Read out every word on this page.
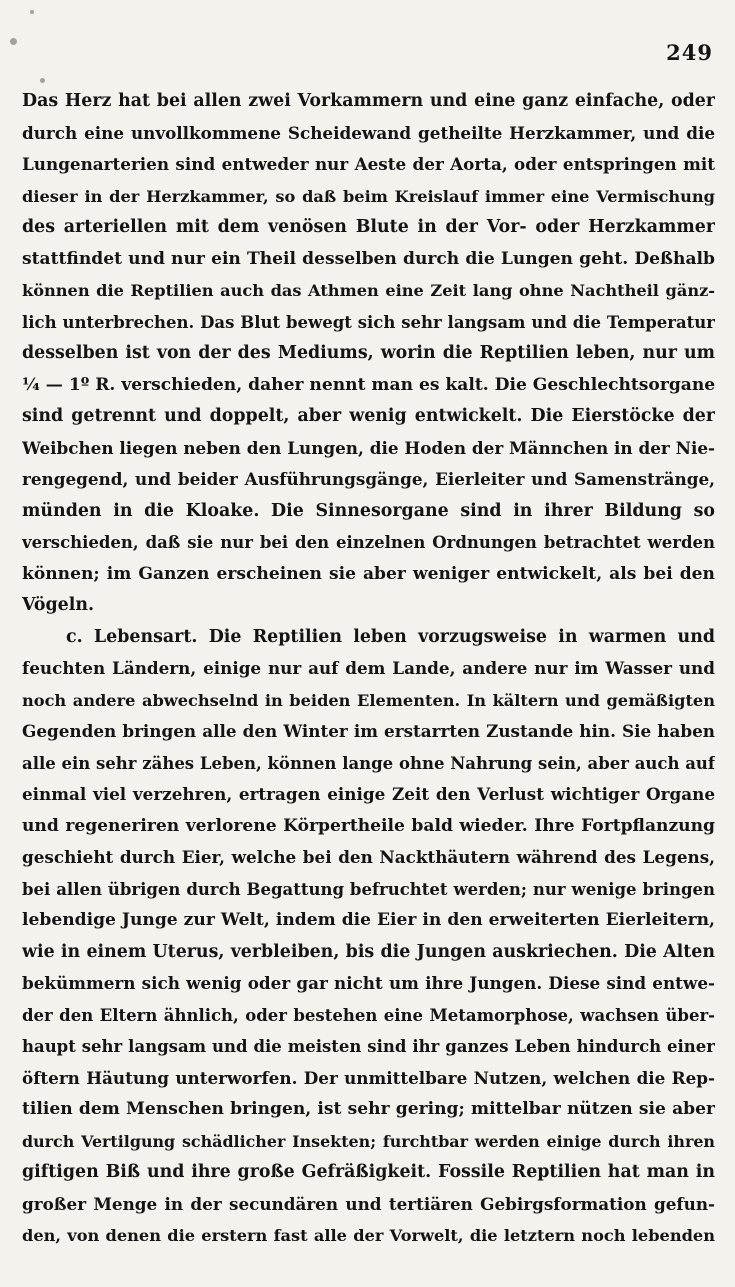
249
Das Herz hat bei allen zwei Vorkammern und eine ganz einfache, oder
durch eine unvollkommene Scheidewand getheilte Herzkammer, und die
Lungenarterien sind entweder nur Aeste der Aorta, oder entspringen mit
dieser in der Herzkammer, so daß beim Kreislauf immer eine Vermischung
des arteriellen mit dem venösen Blute in der Vor- oder Herzkammer
stattfindet und nur ein Theil desselben durch die Lungen geht. Deßhalb
können die Reptilien auch das Athmen eine Zeit lang ohne Nachtheil gänz-
lich unterbrechen. Das Blut bewegt sich sehr langsam und die Temperatur
desselben ist von der des Mediums, worin die Reptilien leben, nur um
¼ — 1º R. verschieden, daher nennt man es kalt. Die Geschlechtsorgane
sind getrennt und doppelt, aber wenig entwickelt. Die Eierstöcke der
Weibchen liegen neben den Lungen, die Hoden der Männchen in der Nie-
rengegend, und beider Ausführungsgänge, Eierleiter und Samenstränge,
münden in die Kloake. Die Sinnesorgane sind in ihrer Bildung so
verschieden, daß sie nur bei den einzelnen Ordnungen betrachtet werden
können; im Ganzen erscheinen sie aber weniger entwickelt, als bei den
Vögeln.
c. Lebensart. Die Reptilien leben vorzugsweise in warmen und
feuchten Ländern, einige nur auf dem Lande, andere nur im Wasser und
noch andere abwechselnd in beiden Elementen. In kältern und gemäßigten
Gegenden bringen alle den Winter im erstarrten Zustande hin. Sie haben
alle ein sehr zähes Leben, können lange ohne Nahrung sein, aber auch auf
einmal viel verzehren, ertragen einige Zeit den Verlust wichtiger Organe
und regeneriren verlorene Körpertheile bald wieder. Ihre Fortpflanzung
geschieht durch Eier, welche bei den Nackthäutern während des Legens,
bei allen übrigen durch Begattung befruchtet werden; nur wenige bringen
lebendige Junge zur Welt, indem die Eier in den erweiterten Eierleitern,
wie in einem Uterus, verbleiben, bis die Jungen auskriechen. Die Alten
bekümmern sich wenig oder gar nicht um ihre Jungen. Diese sind entwe-
der den Eltern ähnlich, oder bestehen eine Metamorphose, wachsen über-
haupt sehr langsam und die meisten sind ihr ganzes Leben hindurch einer
öftern Häutung unterworfen. Der unmittelbare Nutzen, welchen die Rep-
tilien dem Menschen bringen, ist sehr gering; mittelbar nützen sie aber
durch Vertilgung schädlicher Insekten; furchtbar werden einige durch ihren
giftigen Biß und ihre große Gefräßigkeit. Fossile Reptilien hat man in
großer Menge in der secundären und tertiären Gebirgsformation gefun-
den, von denen die erstern fast alle der Vorwelt, die letztern noch lebenden
